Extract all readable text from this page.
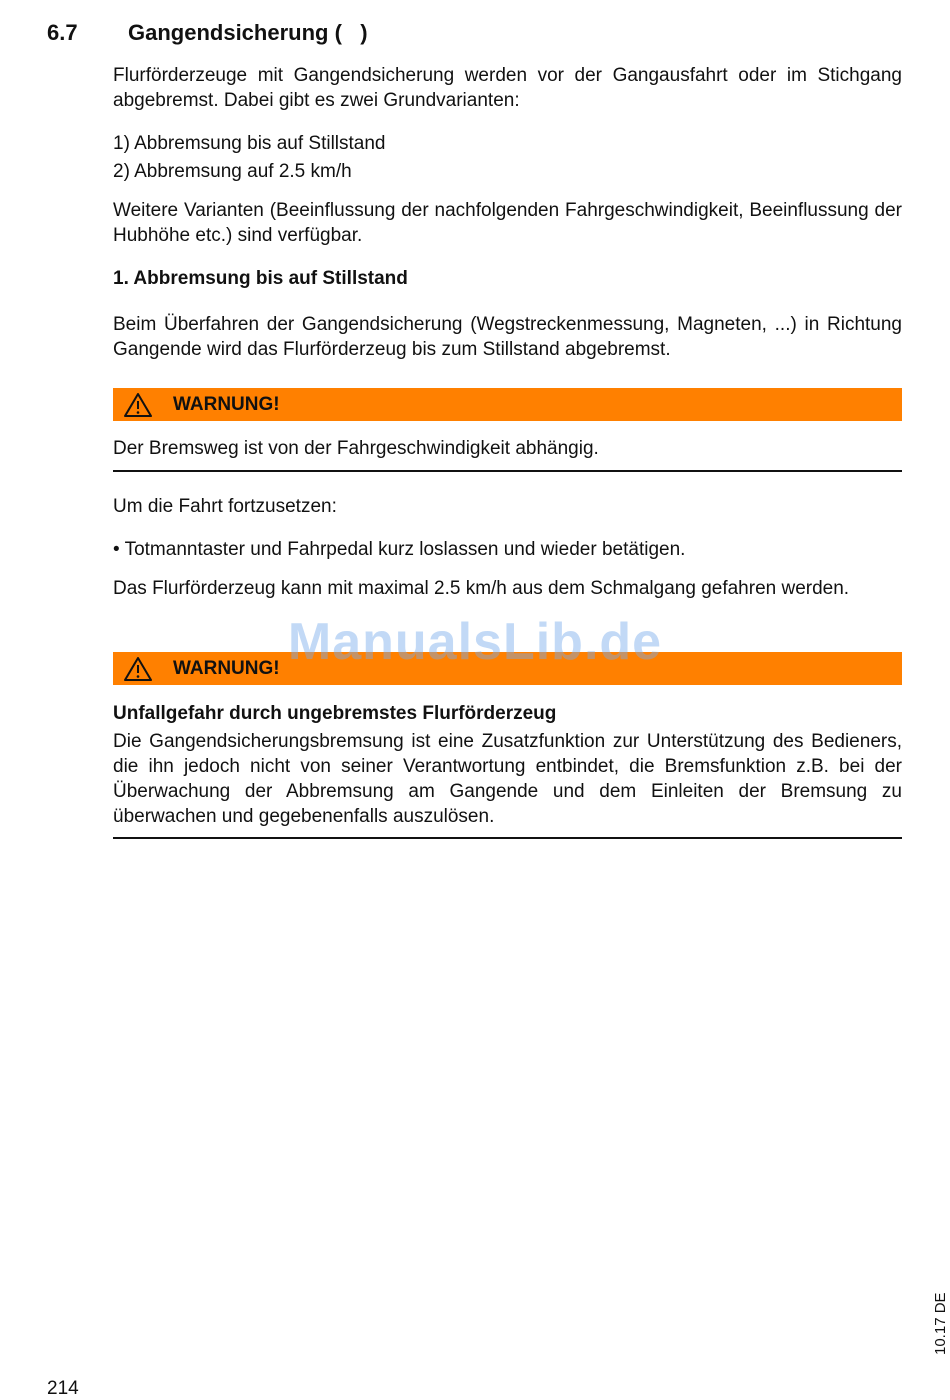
6.7 Gangendsicherung (   )
Flurförderzeuge mit Gangendsicherung werden vor der Gangausfahrt oder im Stichgang abgebremst. Dabei gibt es zwei Grundvarianten:
1) Abbremsung bis auf Stillstand
2) Abbremsung auf 2.5 km/h
Weitere Varianten (Beeinflussung der nachfolgenden Fahrgeschwindigkeit, Beeinflussung der Hubhöhe etc.) sind verfügbar.
1. Abbremsung bis auf Stillstand
Beim Überfahren der Gangendsicherung (Wegstreckenmessung, Magneten, ...) in Richtung Gangende wird das Flurförderzeug bis zum Stillstand abgebremst.
WARNUNG!
Der Bremsweg ist von der Fahrgeschwindigkeit abhängig.
Um die Fahrt fortzusetzen:
• Totmanntaster und Fahrpedal kurz loslassen und wieder betätigen.
Das Flurförderzeug kann mit maximal 2.5 km/h aus dem Schmalgang gefahren werden.
WARNUNG! ManualsLib.de
Unfallgefahr durch ungebremstes Flurförderzeug
Die Gangendsicherungsbremsung ist eine Zusatzfunktion zur Unterstützung des Bedieners, die ihn jedoch nicht von seiner Verantwortung entbindet, die Bremsfunktion z.B. bei der Überwachung der Abbremsung am Gangende und dem Einleiten der Bremsung zu überwachen und gegebenenfalls auszulösen.
214
10.17 DE
